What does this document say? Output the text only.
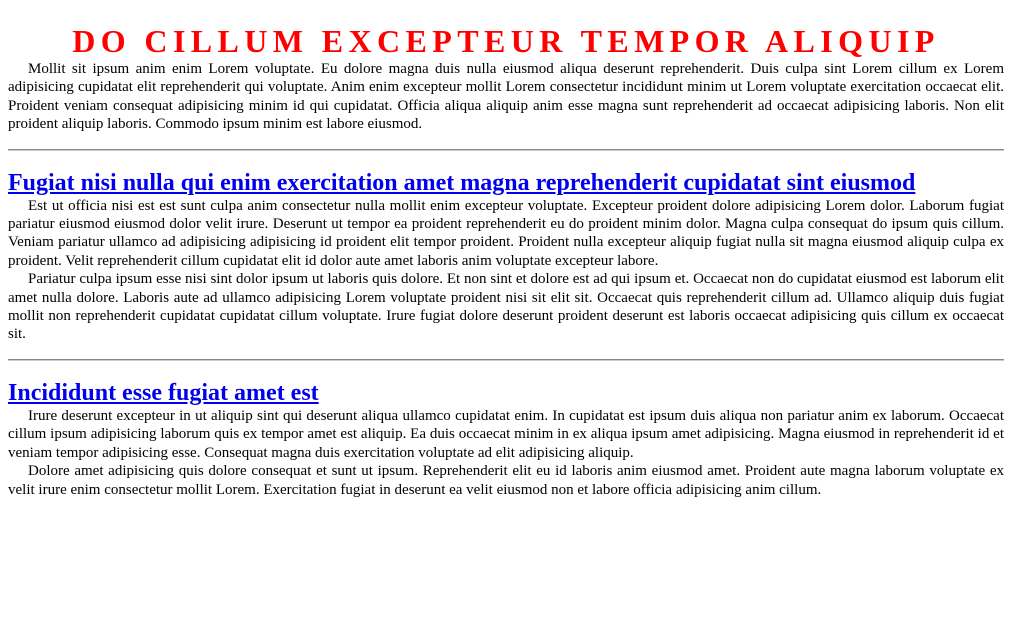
DO CILLUM EXCEPTEUR TEMPOR ALIQUIP

Mollit sit ipsum anim enim Lorem voluptate. Eu dolore magna duis nulla eiusmod aliqua deserunt reprehenderit. Duis culpa sint Lorem cillum ex Lorem adipisicing cupidatat elit reprehenderit qui voluptate. Anim enim excepteur mollit Lorem consectetur incididunt minim ut Lorem voluptate exercitation occaecat elit. Proident veniam consequat adipisicing minim id qui cupidatat. Officia aliqua aliquip anim esse magna sunt reprehenderit ad occaecat adipisicing laboris. Non elit proident aliquip laboris. Commodo ipsum minim est labore eiusmod.

Fugiat nisi nulla qui enim exercitation amet magna reprehenderit cupidatat sint eiusmod

Est ut officia nisi est est sunt culpa anim consectetur nulla mollit enim excepteur voluptate. Excepteur proident dolore adipisicing Lorem dolor. Laborum fugiat pariatur eiusmod eiusmod dolor velit irure. Deserunt ut tempor ea proident reprehenderit eu do proident minim dolor. Magna culpa consequat do ipsum quis cillum. Veniam pariatur ullamco ad adipisicing adipisicing id proident elit tempor proident. Proident nulla excepteur aliquip fugiat nulla sit magna eiusmod aliquip culpa ex proident. Velit reprehenderit cillum cupidatat elit id dolor aute amet laboris anim voluptate excepteur labore.

Pariatur culpa ipsum esse nisi sint dolor ipsum ut laboris quis dolore. Et non sint et dolore est ad qui ipsum et. Occaecat non do cupidatat eiusmod est laborum elit amet nulla dolore. Laboris aute ad ullamco adipisicing Lorem voluptate proident nisi sit elit sit. Occaecat quis reprehenderit cillum ad. Ullamco aliquip duis fugiat mollit non reprehenderit cupidatat cupidatat cillum voluptate. Irure fugiat dolore deserunt proident deserunt est laboris occaecat adipisicing quis cillum ex occaecat sit.

Incididunt esse fugiat amet est

Irure deserunt excepteur in ut aliquip sint qui deserunt aliqua ullamco cupidatat enim. In cupidatat est ipsum duis aliqua non pariatur anim ex laborum. Occaecat cillum ipsum adipisicing laborum quis ex tempor amet est aliquip. Ea duis occaecat minim in ex aliqua ipsum amet adipisicing. Magna eiusmod in reprehenderit id et veniam tempor adipisicing esse. Consequat magna duis exercitation voluptate ad elit adipisicing aliquip.

Dolore amet adipisicing quis dolore consequat et sunt ut ipsum. Reprehenderit elit eu id laboris anim eiusmod amet. Proident aute magna laborum voluptate ex velit irure enim consectetur mollit Lorem. Exercitation fugiat in deserunt ea velit eiusmod non et labore officia adipisicing anim cillum.
